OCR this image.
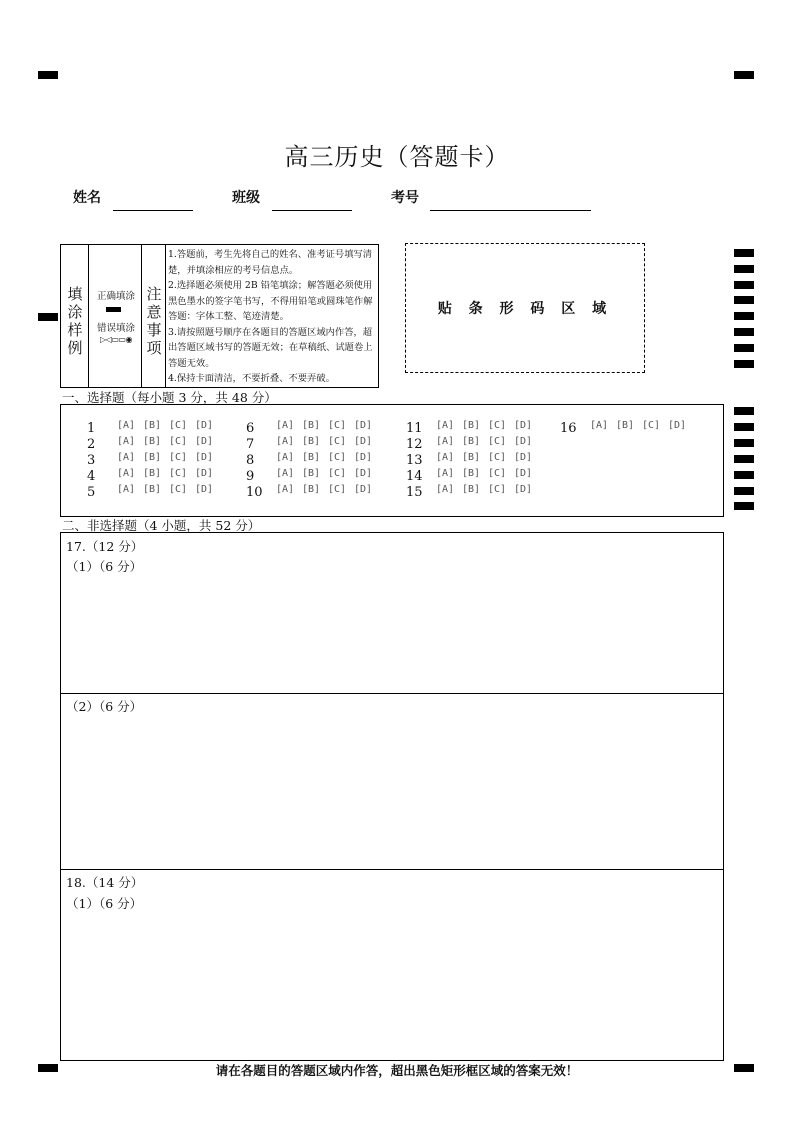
高三历史（答题卡）
姓名	班级	考号
填涂样例
正确填涂
错误填涂
▷◁▭▭◉
注意事项
1.答题前，考生先将自己的姓名、准考证号填写清楚，并填涂相应的考号信息点。
2.选择题必须使用 2B 铅笔填涂；解答题必须使用黑色墨水的签字笔书写，不得用铅笔或圆珠笔作解答题：字体工整、笔迹清楚。
3.请按照题号顺序在各题目的答题区域内作答，超出答题区域书写的答题无效；在草稿纸、试题卷上答题无效。
4.保持卡面清洁，不要折叠、不要弄破。
贴 条 形 码 区 域
一、选择题（每小题 3 分，共 48 分）
1	[A] [B] [C] [D]
2	[A] [B] [C] [D]
3	[A] [B] [C] [D]
4	[A] [B] [C] [D]
5	[A] [B] [C] [D]
6	[A] [B] [C] [D]
7	[A] [B] [C] [D]
8	[A] [B] [C] [D]
9	[A] [B] [C] [D]
10	[A] [B] [C] [D]
11	[A] [B] [C] [D]
12	[A] [B] [C] [D]
13	[A] [B] [C] [D]
14	[A] [B] [C] [D]
15	[A] [B] [C] [D]
16	[A] [B] [C] [D]
二、非选择题（4 小题，共 52 分）
17.（12 分）
（1）（6 分）
（2）（6 分）
18.（14 分）
（1）（6 分）
请在各题目的答题区域内作答，超出黑色矩形框区域的答案无效！
